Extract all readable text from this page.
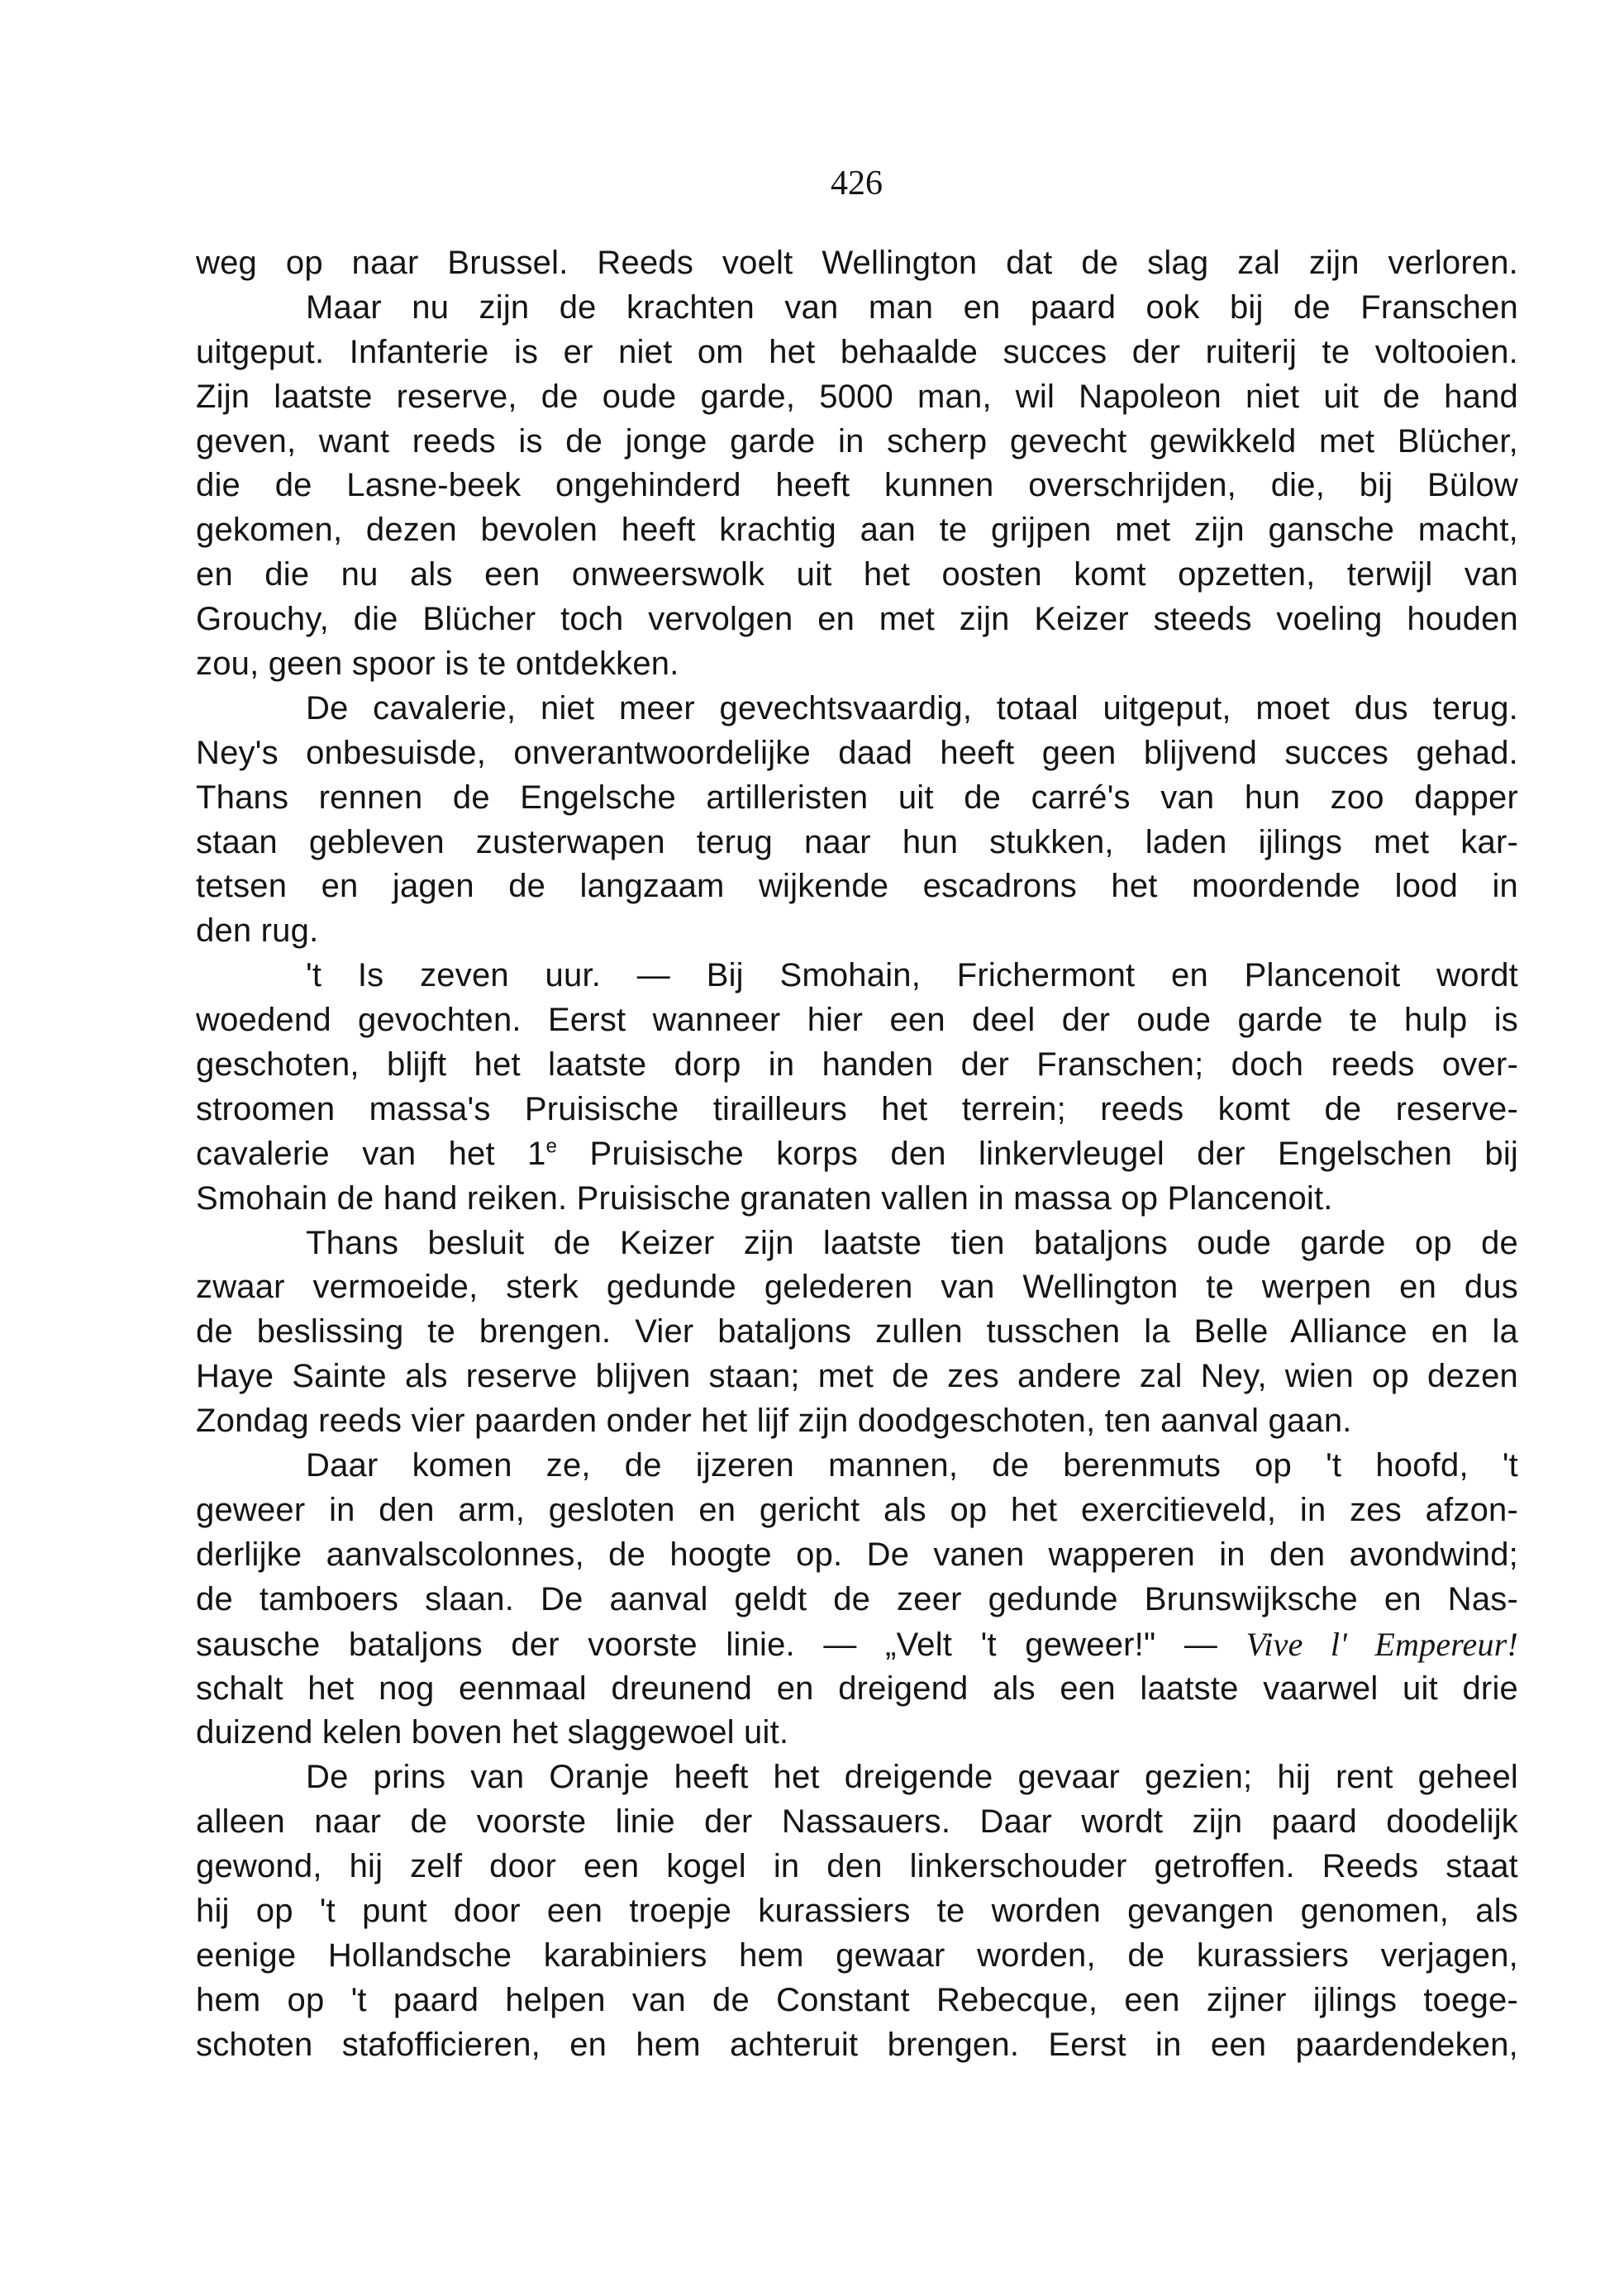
426
weg op naar Brussel. Reeds voelt Wellington dat de slag zal zijn verloren.
Maar nu zijn de krachten van man en paard ook bij de Franschen
uitgeput. Infanterie is er niet om het behaalde succes der ruiterij te voltooien.
Zijn laatste reserve, de oude garde, 5000 man, wil Napoleon niet uit de hand
geven, want reeds is de jonge garde in scherp gevecht gewikkeld met Blücher,
die de Lasne-beek ongehinderd heeft kunnen overschrijden, die, bij Bülow
gekomen, dezen bevolen heeft krachtig aan te grijpen met zijn gansche macht,
en die nu als een onweerswolk uit het oosten komt opzetten, terwijl van
Grouchy, die Blücher toch vervolgen en met zijn Keizer steeds voeling houden
zou, geen spoor is te ontdekken.
De cavalerie, niet meer gevechtsvaardig, totaal uitgeput, moet dus terug.
Ney's onbesuisde, onverantwoordelijke daad heeft geen blijvend succes gehad.
Thans rennen de Engelsche artilleristen uit de carré's van hun zoo dapper
staan gebleven zusterwapen terug naar hun stukken, laden ijlings met kar-
tetsen en jagen de langzaam wijkende escadrons het moordende lood in
den rug.
't Is zeven uur. — Bij Smohain, Frichermont en Plancenoit wordt
woedend gevochten. Eerst wanneer hier een deel der oude garde te hulp is
geschoten, blijft het laatste dorp in handen der Franschen; doch reeds over-
stroomen massa's Pruisische tirailleurs het terrein; reeds komt de reserve-
cavalerie van het 1e Pruisische korps den linkervleugel der Engelschen bij
Smohain de hand reiken. Pruisische granaten vallen in massa op Plancenoit.
Thans besluit de Keizer zijn laatste tien bataljons oude garde op de
zwaar vermoeide, sterk gedunde gelederen van Wellington te werpen en dus
de beslissing te brengen. Vier bataljons zullen tusschen la Belle Alliance en la
Haye Sainte als reserve blijven staan; met de zes andere zal Ney, wien op dezen
Zondag reeds vier paarden onder het lijf zijn doodgeschoten, ten aanval gaan.
Daar komen ze, de ijzeren mannen, de berenmuts op 't hoofd, 't
geweer in den arm, gesloten en gericht als op het exercitieveld, in zes afzon-
derlijke aanvalscolonnes, de hoogte op. De vanen wapperen in den avondwind;
de tamboers slaan. De aanval geldt de zeer gedunde Brunswijksche en Nas-
sausche bataljons der voorste linie. — „Velt 't geweer!" — Vive l' Empereur!
schalt het nog eenmaal dreunend en dreigend als een laatste vaarwel uit drie
duizend kelen boven het slaggewoel uit.
De prins van Oranje heeft het dreigende gevaar gezien; hij rent geheel
alleen naar de voorste linie der Nassauers. Daar wordt zijn paard doodelijk
gewond, hij zelf door een kogel in den linkerschouder getroffen. Reeds staat
hij op 't punt door een troepje kurassiers te worden gevangen genomen, als
eenige Hollandsche karabiniers hem gewaar worden, de kurassiers verjagen,
hem op 't paard helpen van de Constant Rebecque, een zijner ijlings toege-
schoten stafofficieren, en hem achteruit brengen. Eerst in een paardendeken,
